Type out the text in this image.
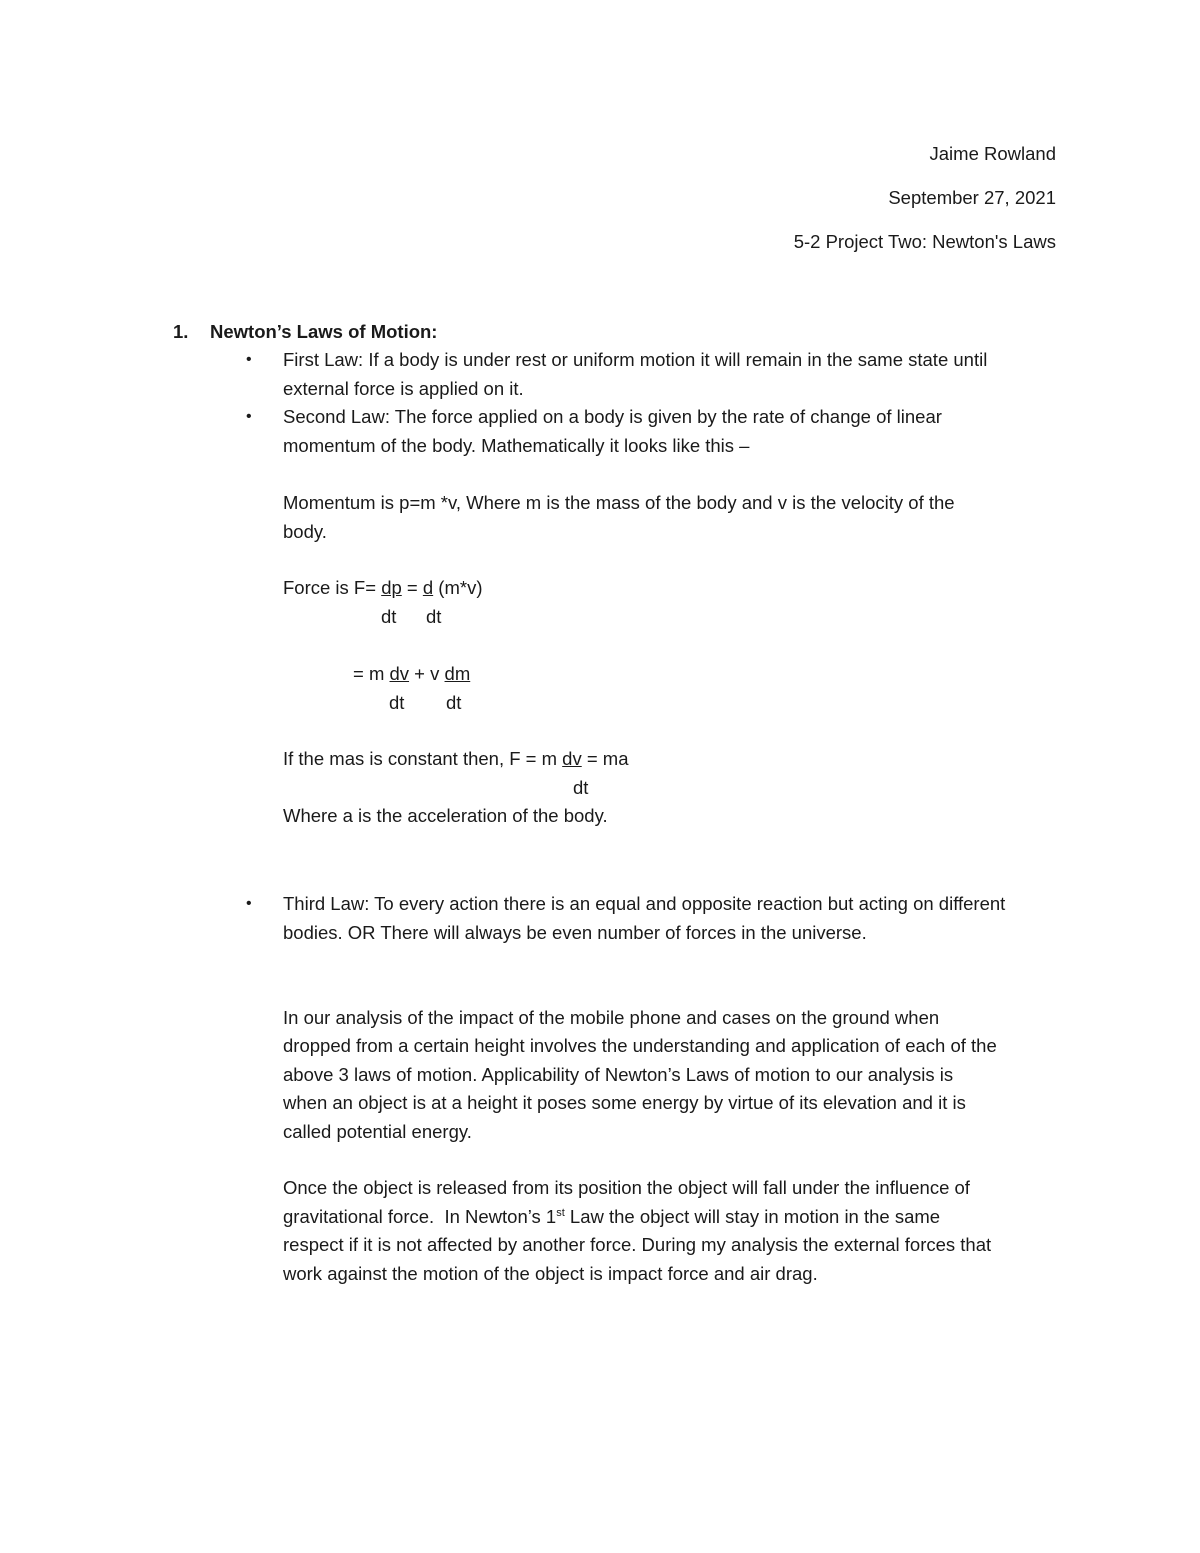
Jaime Rowland
September 27, 2021
5-2 Project Two: Newton's Laws
1. Newton’s Laws of Motion:
• First Law: If a body is under rest or uniform motion it will remain in the same state until
external force is applied on it.
• Second Law: The force applied on a body is given by the rate of change of linear
momentum of the body. Mathematically it looks like this –
Momentum is p=m *v, Where m is the mass of the body and v is the velocity of the
body.
Force is F= dp = d (m*v)
dt dt
= m dv + v dm
dt dt
If the mas is constant then, F = m dv = ma
dt
Where a is the acceleration of the body.
• Third Law: To every action there is an equal and opposite reaction but acting on different
bodies. OR There will always be even number of forces in the universe.
In our analysis of the impact of the mobile phone and cases on the ground when
dropped from a certain height involves the understanding and application of each of the
above 3 laws of motion. Applicability of Newton’s Laws of motion to our analysis is
when an object is at a height it poses some energy by virtue of its elevation and it is
called potential energy.
Once the object is released from its position the object will fall under the influence of
gravitational force.  In Newton’s 1st Law the object will stay in motion in the same
respect if it is not affected by another force. During my analysis the external forces that
work against the motion of the object is impact force and air drag.
